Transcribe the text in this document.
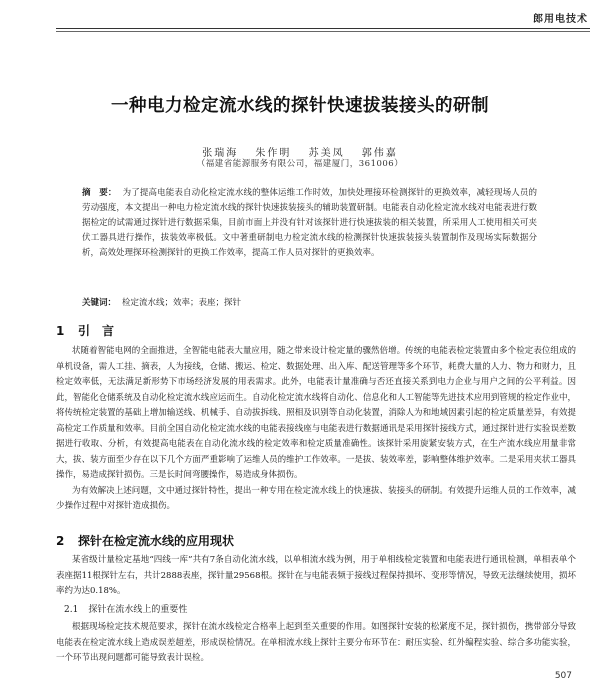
郎用电技术
一种电力检定流水线的探针快速拔装接头的研制
张瑞海 朱作明 苏美凤 郭伟嘉
（福建省能源服务有限公司，福建厦门，361006）
摘　要： 为了提高电能表自动化检定流水线的整体运维工作时效，加快处理接环检测探针的更换效率，减轻现场人员的劳动强度，本文提出一种电力检定流水线的探针快速拔装接头的辅助装置研制。电能表自动化检定流水线对电能表进行数据检定的试需通过探针进行数据采集，目前市面上并没有针对该探针进行快速拔装的相关装置，所采用人工使用相关可夹伏工器具进行操作，拔装效率极低。文中著重研制电力检定流水线的检测探针快速拔装接头装置制作及现场实际数据分析，高效处理探环检测探针的更换工作效率，提高工作人员对探针的更换效率。
关键词： 检定流水线；效率；表座；探针
1 引　言

状随着智能电网的全面推进，全智能电能表大量应用，随之带来设计检定量的骤然倍增。传统的电能表检定装置由多个检定表位组成的单机设备，需人工挂、摘表，人为接线，仓储、搬运、检定、数据处理、出入库、配送管理等多个环节，耗费大量的人力、物力和财力，且检定效率低，无法满足新形势下市场经济发展的用表需求。此外，电能表计量准确与否还直接关系到电力企业与用户之间的公平利益。因此，智能化仓储系统及自动化检定流水线应运而生。自动化检定流水线将自动化、信息化和人工智能等先进技术应用到管规的检定作业中，将传统检定装置的基础上增加输送线、机械手、自动拔拆线、照相及识别等自动化装置，消除人为和地域因素引起的检定质量差异，有效提高检定工作质量和效率。目前全国自动化检定流水线的电能表接线座与电能表进行数据通讯是采用探针接线方式，通过探针进行实验误差数据进行收取、分析，有效提高电能表在自动化流水线的检定效率和检定质量准确性。该探针采用旋紧安装方式，在生产流水线应用量非常大，拔、装方面至少存在以下几个方面严重影响了运维人员的维护工作效率。一是拔、装效率差，影响整体维护效率。二是采用夹状工器具操作，易造成探针损伤。三是长时间弯腰操作，易造成身体损伤。

为有效解决上述问题，文中通过探针特性，提出一种专用在检定流水线上的快速拔、装接头的研制。有效提升运维人员的工作效率，减少操作过程中对探针造成损伤。

2 探针在检定流水线的应用现状

某省级计量检定基地“四线一库”共有7条自动化流水线，以单相流水线为例，用于单相线检定装置和电能表进行通讯检测，单相表单个表座据11根探针左右，共计2888表座，探针量29568根。探针在与电能表频于接线过程保持损坏、变形等情况，导致无法继续使用，损坏率约为达0.18%。

2.1 探针在流水线上的重要性

根据现场检定技术规范要求，探针在流水线检定合格率上起到至关重要的作用。如图探针安装的松紧度不足，探针损伤，携带部分导致电能表在检定流水线上造成误差超差，形成误检情况。在单相流水线上探针主要分布环节在：耐压实验、红外编程实验、综合多功能实验，一个环节出现问题都可能导致表计误检。

507
